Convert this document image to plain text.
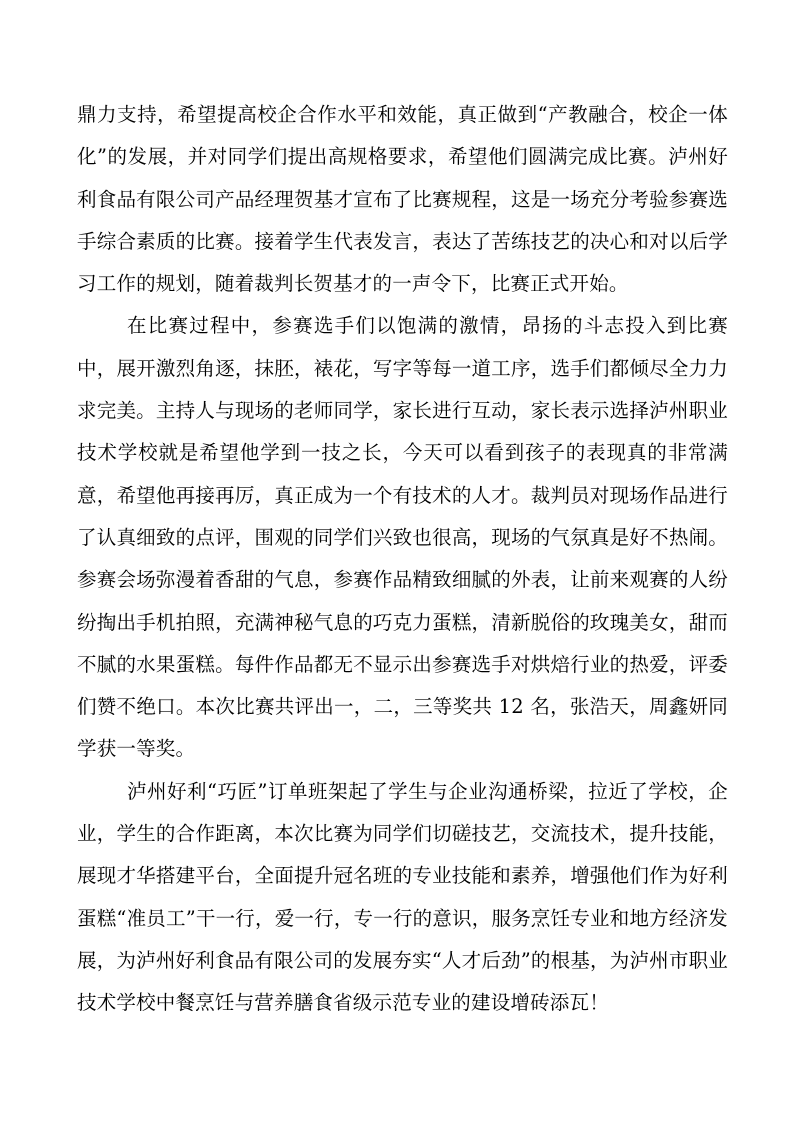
鼎力支持，希望提高校企合作水平和效能，真正做到“产教融合，校企一体化”的发展，并对同学们提出高规格要求，希望他们圆满完成比赛。泸州好利食品有限公司产品经理贺基才宣布了比赛规程，这是一场充分考验参赛选手综合素质的比赛。接着学生代表发言，表达了苦练技艺的决心和对以后学习工作的规划，随着裁判长贺基才的一声令下，比赛正式开始。

在比赛过程中，参赛选手们以饱满的激情，昂扬的斗志投入到比赛中，展开激烈角逐，抹胚，裱花，写字等每一道工序，选手们都倾尽全力力求完美。主持人与现场的老师同学，家长进行互动，家长表示选择泸州职业技术学校就是希望他学到一技之长，今天可以看到孩子的表现真的非常满意，希望他再接再厉，真正成为一个有技术的人才。裁判员对现场作品进行了认真细致的点评，围观的同学们兴致也很高，现场的气氛真是好不热闹。参赛会场弥漫着香甜的气息，参赛作品精致细腻的外表，让前来观赛的人纷纷掏出手机拍照，充满神秘气息的巧克力蛋糕，清新脱俗的玫瑰美女，甜而不腻的水果蛋糕。每件作品都无不显示出参赛选手对烘焙行业的热爱，评委们赞不绝口。本次比赛共评出一，二，三等奖共 12 名，张浩天，周鑫妍同学获一等奖。

泸州好利“巧匠”订单班架起了学生与企业沟通桥梁，拉近了学校，企业，学生的合作距离，本次比赛为同学们切磋技艺，交流技术，提升技能，展现才华搭建平台，全面提升冠名班的专业技能和素养，增强他们作为好利蛋糕“准员工”干一行，爱一行，专一行的意识，服务烹饪专业和地方经济发展，为泸州好利食品有限公司的发展夯实“人才后劲”的根基，为泸州市职业技术学校中餐烹饪与营养膳食省级示范专业的建设增砖添瓦！
